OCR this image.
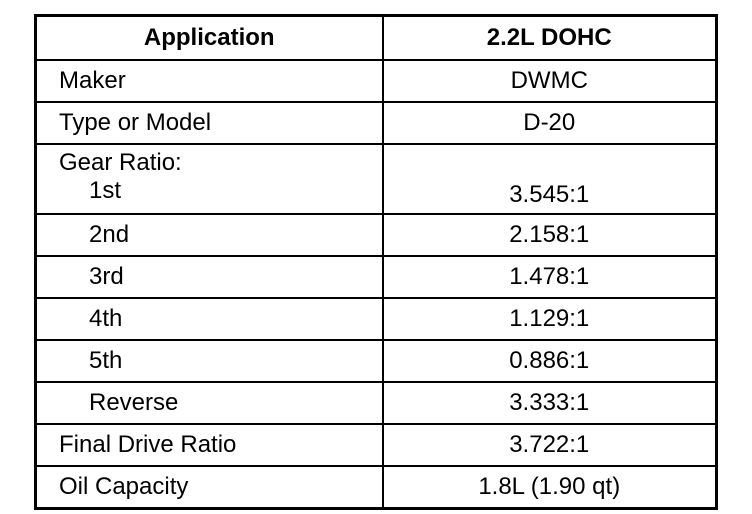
Application	2.2L DOHC
Maker	DWMC
Type or Model	D-20
Gear Ratio:
1st	3.545:1
2nd	2.158:1
3rd	1.478:1
4th	1.129:1
5th	0.886:1
Reverse	3.333:1
Final Drive Ratio	3.722:1
Oil Capacity	1.8L (1.90 qt)
